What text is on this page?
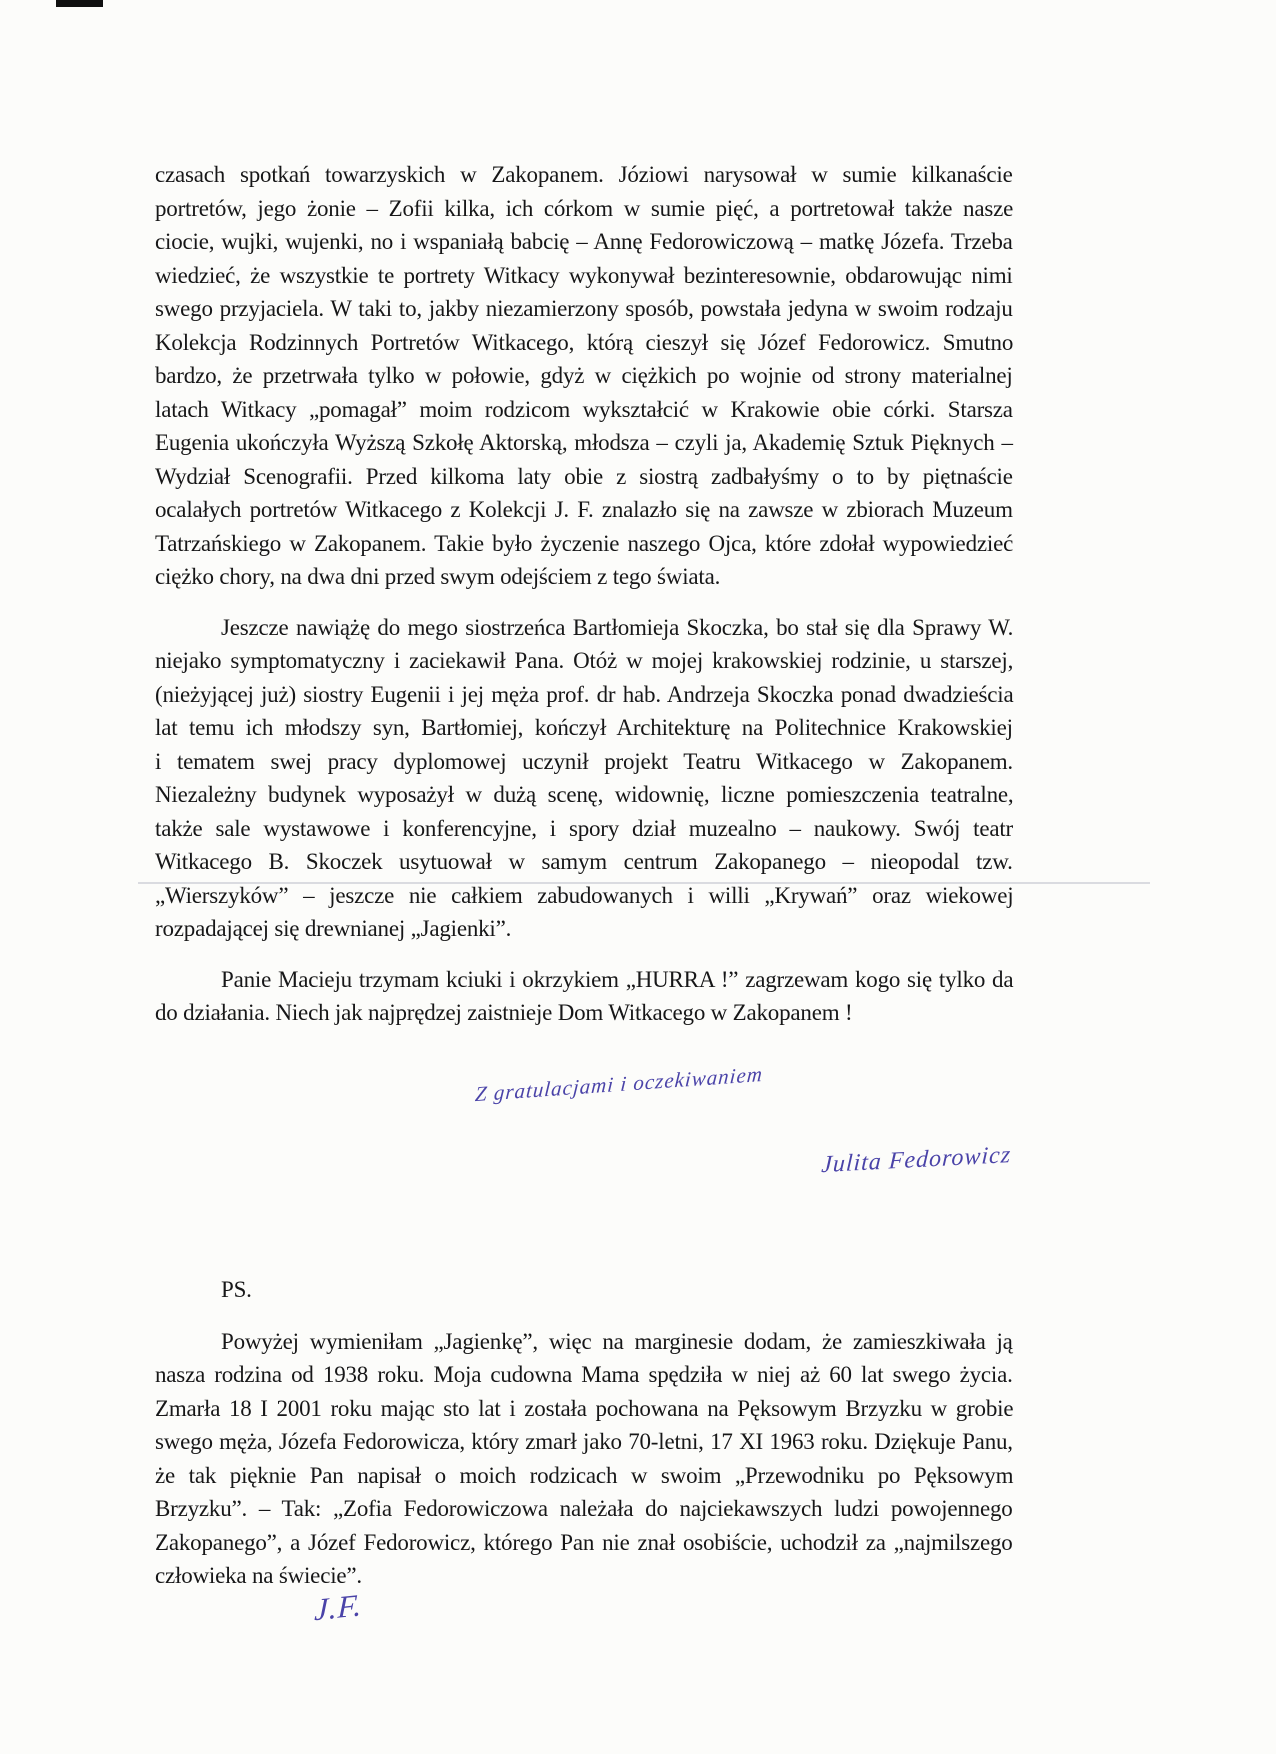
czasach spotkań towarzyskich w Zakopanem. Józiowi narysował w sumie kilkanaście
portretów, jego żonie – Zofii kilka, ich córkom w sumie pięć, a portretował także nasze
ciocie, wujki, wujenki, no i wspaniałą babcię – Annę Fedorowiczową – matkę Józefa. Trzeba
wiedzieć, że wszystkie te portrety Witkacy wykonywał bezinteresownie, obdarowując nimi
swego przyjaciela. W taki to, jakby niezamierzony sposób, powstała jedyna w swoim rodzaju
Kolekcja Rodzinnych Portretów Witkacego, którą cieszył się Józef Fedorowicz. Smutno
bardzo, że przetrwała tylko w połowie, gdyż w ciężkich po wojnie od strony materialnej
latach Witkacy „pomagał” moim rodzicom wykształcić w Krakowie obie córki. Starsza
Eugenia ukończyła Wyższą Szkołę Aktorską, młodsza – czyli ja, Akademię Sztuk Pięknych –
Wydział Scenografii. Przed kilkoma laty obie z siostrą zadbałyśmy o to by piętnaście
ocalałych portretów Witkacego z Kolekcji J. F. znalazło się na zawsze w zbiorach Muzeum
Tatrzańskiego w Zakopanem. Takie było życzenie naszego Ojca, które zdołał wypowiedzieć
ciężko chory, na dwa dni przed swym odejściem z tego świata.
Jeszcze nawiążę do mego siostrzeńca Bartłomieja Skoczka, bo stał się dla Sprawy W.
niejako symptomatyczny i zaciekawił Pana. Otóż w mojej krakowskiej rodzinie, u starszej,
(nieżyjącej już) siostry Eugenii i jej męża prof. dr hab. Andrzeja Skoczka ponad dwadzieścia
lat temu ich młodszy syn, Bartłomiej, kończył Architekturę na Politechnice Krakowskiej
i tematem swej pracy dyplomowej uczynił projekt Teatru Witkacego w Zakopanem.
Niezależny budynek wyposażył w dużą scenę, widownię, liczne pomieszczenia teatralne,
także sale wystawowe i konferencyjne, i spory dział muzealno – naukowy. Swój teatr
Witkacego B. Skoczek usytuował w samym centrum Zakopanego – nieopodal tzw.
„Wierszyków” – jeszcze nie całkiem zabudowanych i willi „Krywań” oraz wiekowej
rozpadającej się drewnianej „Jagienki”.
Panie Macieju trzymam kciuki i okrzykiem „HURRA !” zagrzewam kogo się tylko da
do działania. Niech jak najprędzej zaistnieje Dom Witkacego w Zakopanem !
Z gratulacjami i oczekiwaniem
Julita Fedorowicz
PS.
Powyżej wymieniłam „Jagienkę”, więc na marginesie dodam, że zamieszkiwała ją
nasza rodzina od 1938 roku. Moja cudowna Mama spędziła w niej aż 60 lat swego życia.
Zmarła 18 I 2001 roku mając sto lat i została pochowana na Pęksowym Brzyzku w grobie
swego męża, Józefa Fedorowicza, który zmarł jako 70-letni, 17 XI 1963 roku. Dziękuje Panu,
że tak pięknie Pan napisał o moich rodzicach w swoim „Przewodniku po Pęksowym
Brzyzku”. – Tak: „Zofia Fedorowiczowa należała do najciekawszych ludzi powojennego
Zakopanego”, a Józef Fedorowicz, którego Pan nie znał osobiście, uchodził za „najmilszego
człowieka na świecie”.
J.F.
